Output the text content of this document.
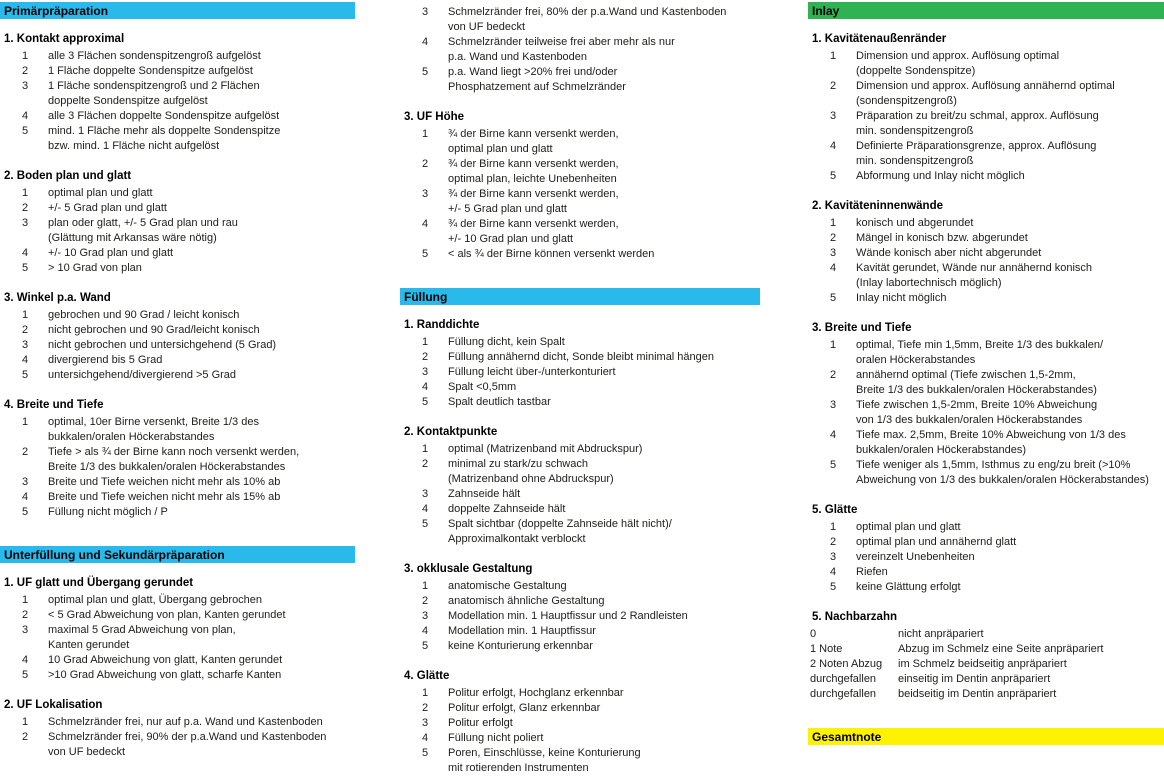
Primärpräparation
1. Kontakt approximal
1	alle 3 Flächen sondenspitzengroß aufgelöst
2	1 Fläche doppelte Sondenspitze aufgelöst
3	1 Fläche sondenspitzengroß und 2 Flächen
doppelte Sondenspitze aufgelöst
4	alle 3 Flächen doppelte Sondenspitze aufgelöst
5	mind. 1 Fläche mehr als doppelte Sondenspitze
bzw. mind. 1 Fläche nicht aufgelöst
2. Boden plan und glatt
1	optimal plan und glatt
2	+/- 5 Grad plan und glatt
3	plan oder glatt, +/- 5 Grad plan und rau
(Glättung mit Arkansas wäre nötig)
4	+/- 10 Grad plan und glatt
5	> 10 Grad von plan
3. Winkel p.a. Wand
1	gebrochen und 90 Grad / leicht konisch
2	nicht gebrochen und 90 Grad/leicht konisch
3	nicht gebrochen und untersichgehend (5 Grad)
4	divergierend bis 5 Grad
5	untersichgehend/divergierend >5 Grad
4. Breite und Tiefe
1	optimal, 10er Birne versenkt, Breite 1/3 des
bukkalen/oralen Höckerabstandes
2	Tiefe > als ¾ der Birne kann noch versenkt werden,
Breite 1/3 des bukkalen/oralen Höckerabstandes
3	Breite und Tiefe weichen nicht mehr als 10% ab
4	Breite und Tiefe weichen nicht mehr als 15% ab
5	Füllung nicht möglich / P
Unterfüllung und Sekundärpräparation
1. UF glatt und Übergang gerundet
1	optimal plan und glatt, Übergang gebrochen
2	< 5 Grad Abweichung von plan, Kanten gerundet
3	maximal 5 Grad Abweichung von plan,
Kanten gerundet
4	10 Grad Abweichung von glatt, Kanten gerundet
5	>10 Grad Abweichung von glatt, scharfe Kanten
2. UF Lokalisation
1	Schmelzränder frei, nur auf p.a. Wand und Kastenboden
2	Schmelzränder frei, 90% der p.a.Wand und Kastenboden
von UF bedeckt
3	Schmelzränder frei, 80% der p.a.Wand und Kastenboden
von UF bedeckt
4	Schmelzränder teilweise frei aber mehr als nur
p.a. Wand und Kastenboden
5	p.a. Wand liegt >20% frei und/oder
Phosphatzement auf Schmelzränder
3. UF Höhe
1	¾ der Birne kann versenkt werden,
optimal plan und glatt
2	¾ der Birne kann versenkt werden,
optimal plan, leichte Unebenheiten
3	¾ der Birne kann versenkt werden,
+/- 5 Grad plan und glatt
4	¾ der Birne kann versenkt werden,
+/- 10 Grad plan und glatt
5	< als ¾ der Birne können versenkt werden
Füllung
1. Randdichte
1	Füllung dicht, kein Spalt
2	Füllung annähernd dicht, Sonde bleibt minimal hängen
3	Füllung leicht über-/unterkonturiert
4	Spalt <0,5mm
5	Spalt deutlich tastbar
2. Kontaktpunkte
1	optimal (Matrizenband mit Abdruckspur)
2	minimal zu stark/zu schwach
(Matrizenband ohne Abdruckspur)
3	Zahnseide hält
4	doppelte Zahnseide hält
5	Spalt sichtbar (doppelte Zahnseide hält nicht)/
Approximalkontakt verblockt
3. okklusale Gestaltung
1	anatomische Gestaltung
2	anatomisch ähnliche Gestaltung
3	Modellation min. 1 Hauptfissur und 2 Randleisten
4	Modellation min. 1 Hauptfissur
5	keine Konturierung erkennbar
4. Glätte
1	Politur erfolgt, Hochglanz erkennbar
2	Politur erfolgt, Glanz erkennbar
3	Politur erfolgt
4	Füllung nicht poliert
5	Poren, Einschlüsse, keine Konturierung
mit rotierenden Instrumenten
Inlay
1. Kavitätenaußenränder
1	Dimension und approx. Auflösung optimal
(doppelte Sondenspitze)
2	Dimension und approx. Auflösung annähernd optimal
(sondenspitzengroß)
3	Präparation zu breit/zu schmal, approx. Auflösung
min. sondenspitzengroß
4	Definierte Präparationsgrenze, approx. Auflösung
min. sondenspitzengroß
5	Abformung und Inlay nicht möglich
2. Kavitäteninnenwände
1	konisch und abgerundet
2	Mängel in konisch bzw. abgerundet
3	Wände konisch aber nicht abgerundet
4	Kavität gerundet, Wände nur annähernd konisch
(Inlay labortechnisch möglich)
5	Inlay nicht möglich
3. Breite und Tiefe
1	optimal, Tiefe min 1,5mm, Breite 1/3 des bukkalen/
oralen Höckerabstandes
2	annähernd optimal (Tiefe zwischen 1,5-2mm,
Breite 1/3 des bukkalen/oralen Höckerabstandes)
3	Tiefe zwischen 1,5-2mm, Breite 10% Abweichung
von 1/3 des bukkalen/oralen Höckerabstandes
4	Tiefe max. 2,5mm, Breite 10% Abweichung von 1/3 des
bukkalen/oralen Höckerabstandes)
5	Tiefe weniger als 1,5mm, Isthmus zu eng/zu breit (>10%
Abweichung von 1/3 des bukkalen/oralen Höckerabstandes)
5. Glätte
1	optimal plan und glatt
2	optimal plan und annähernd glatt
3	vereinzelt Unebenheiten
4	Riefen
5	keine Glättung erfolgt
5. Nachbarzahn
0	nicht anpräpariert
1 Note	Abzug im Schmelz eine Seite anpräpariert
2 Noten Abzug	im Schmelz beidseitig anpräpariert
durchgefallen	einseitig im Dentin anpräpariert
durchgefallen	beidseitig im Dentin anpräpariert
Gesamtnote
